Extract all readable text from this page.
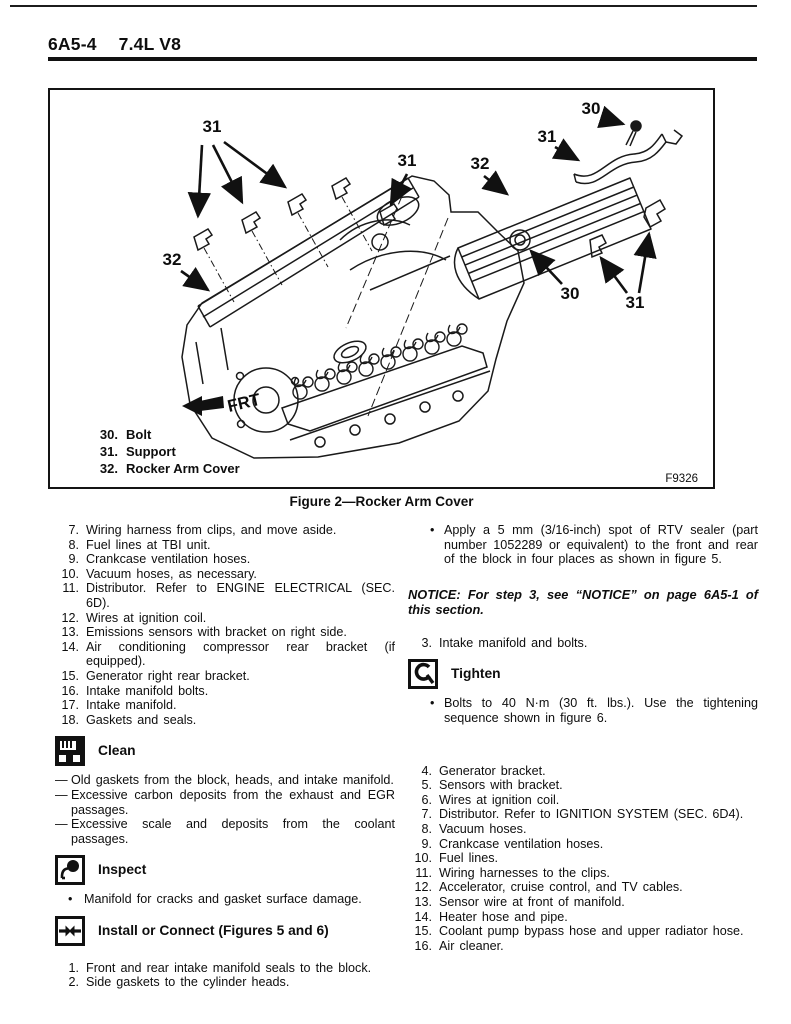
6A5-4 7.4L V8
31
31	32
31
30
32
30	31
FRT
30. Bolt
31. Support
32. Rocker Arm Cover
F9326
Figure 2—Rocker Arm Cover
7. Wiring harness from clips, and move aside.
8. Fuel lines at TBI unit.
9. Crankcase ventilation hoses.
10. Vacuum hoses, as necessary.
11. Distributor. Refer to ENGINE ELECTRICAL (SEC. 6D).
12. Wires at ignition coil.
13. Emissions sensors with bracket on right side.
14. Air conditioning compressor rear bracket (if equipped).
15. Generator right rear bracket.
16. Intake manifold bolts.
17. Intake manifold.
18. Gaskets and seals.
Clean
— Old gaskets from the block, heads, and intake manifold.
— Excessive carbon deposits from the exhaust and EGR passages.
— Excessive scale and deposits from the coolant passages.
Inspect
• Manifold for cracks and gasket surface damage.
Install or Connect (Figures 5 and 6)
1. Front and rear intake manifold seals to the block.
2. Side gaskets to the cylinder heads.
• Apply a 5 mm (3/16-inch) spot of RTV sealer (part number 1052289 or equivalent) to the front and rear of the block in four places as shown in figure 5.
NOTICE: For step 3, see “NOTICE” on page 6A5-1 of this section.
3. Intake manifold and bolts.
Tighten
• Bolts to 40 N·m (30 ft. lbs.). Use the tightening sequence shown in figure 6.
4. Generator bracket.
5. Sensors with bracket.
6. Wires at ignition coil.
7. Distributor. Refer to IGNITION SYSTEM (SEC. 6D4).
8. Vacuum hoses.
9. Crankcase ventilation hoses.
10. Fuel lines.
11. Wiring harnesses to the clips.
12. Accelerator, cruise control, and TV cables.
13. Sensor wire at front of manifold.
14. Heater hose and pipe.
15. Coolant pump bypass hose and upper radiator hose.
16. Air cleaner.
